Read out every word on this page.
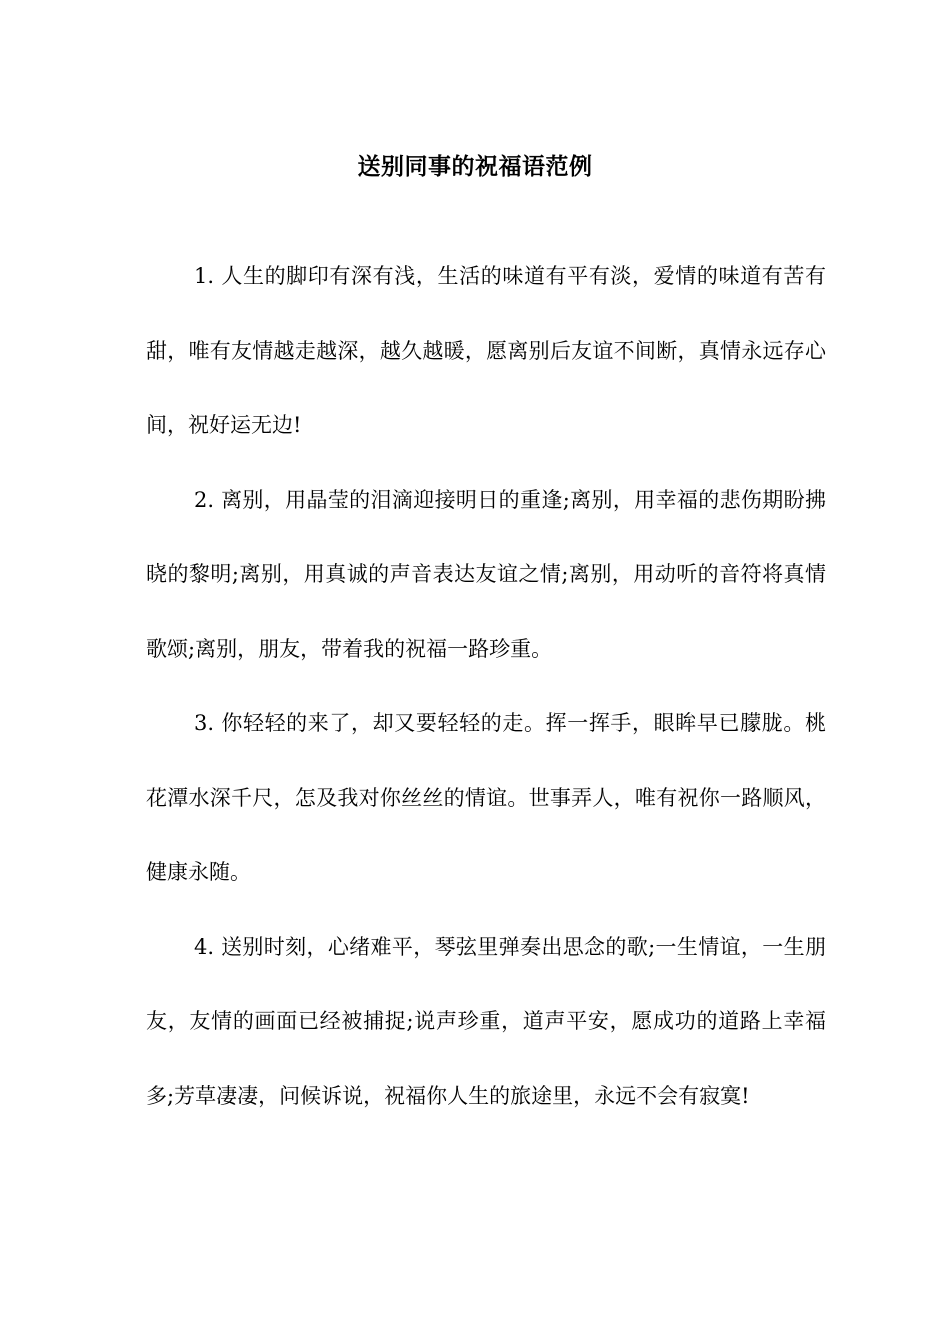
送别同事的祝福语范例

1. 人生的脚印有深有浅，生活的味道有平有淡，爱情的味道有苦有甜，唯有友情越走越深，越久越暖，愿离别后友谊不间断，真情永远存心间，祝好运无边!

2. 离别，用晶莹的泪滴迎接明日的重逢;离别，用幸福的悲伤期盼拂晓的黎明;离别，用真诚的声音表达友谊之情;离别，用动听的音符将真情歌颂;离别，朋友，带着我的祝福一路珍重。

3. 你轻轻的来了，却又要轻轻的走。挥一挥手，眼眸早已朦胧。桃花潭水深千尺，怎及我对你丝丝的情谊。世事弄人，唯有祝你一路顺风，健康永随。

4. 送别时刻，心绪难平，琴弦里弹奏出思念的歌;一生情谊，一生朋友，友情的画面已经被捕捉;说声珍重，道声平安，愿成功的道路上幸福多;芳草凄凄，问候诉说，祝福你人生的旅途里，永远不会有寂寞!
